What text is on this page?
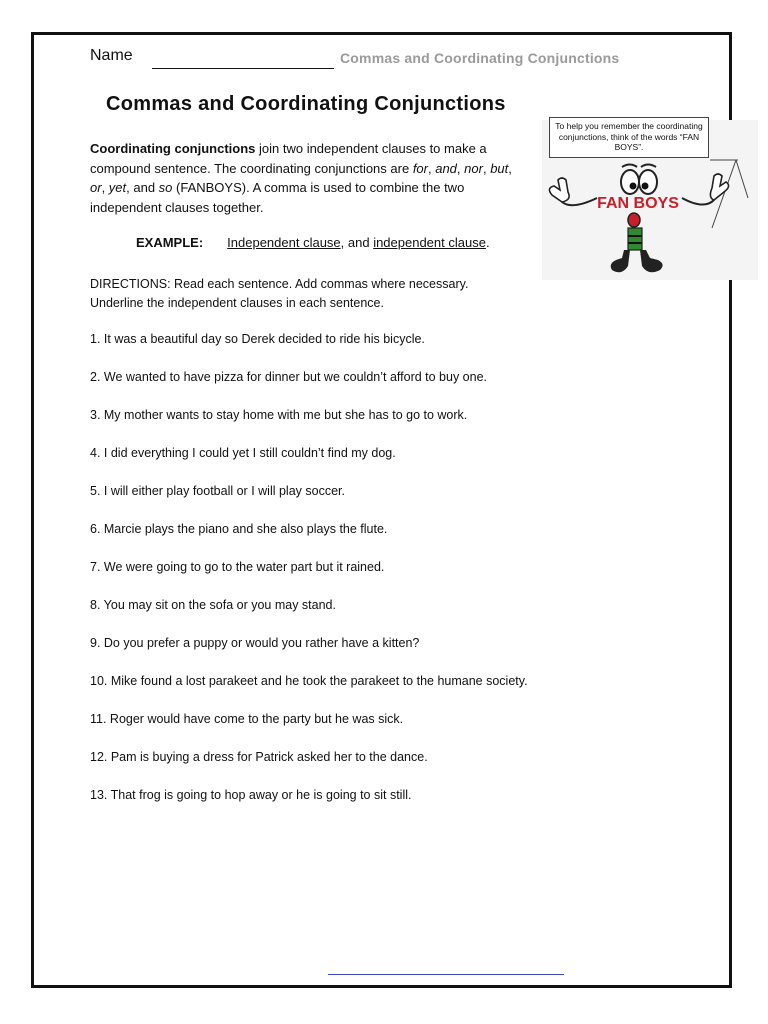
Name	Commas and Coordinating Conjunctions
Commas and Coordinating Conjunctions
Coordinating conjunctions join two independent clauses to make a compound sentence. The coordinating conjunctions are for, and, nor, but, or, yet, and so (FANBOYS). A comma is used to combine the two independent clauses together.
EXAMPLE: Independent clause, and independent clause.
DIRECTIONS: Read each sentence. Add commas where necessary. Underline the independent clauses in each sentence.
1. It was a beautiful day so Derek decided to ride his bicycle.
2. We wanted to have pizza for dinner but we couldn’t afford to buy one.
3. My mother wants to stay home with me but she has to go to work.
4. I did everything I could yet I still couldn’t find my dog.
5. I will either play football or I will play soccer.
6. Marcie plays the piano and she also plays the flute.
7. We were going to go to the water part but it rained.
8. You may sit on the sofa or you may stand.
9. Do you prefer a puppy or would you rather have a kitten?
10. Mike found a lost parakeet and he took the parakeet to the humane society.
11. Roger would have come to the party but he was sick.
12. Pam is buying a dress for Patrick asked her to the dance.
13. That frog is going to hop away or he is going to sit still.
FAN BOYS
To help you remember the coordinating conjunctions, think of the words “FAN BOYS”.
